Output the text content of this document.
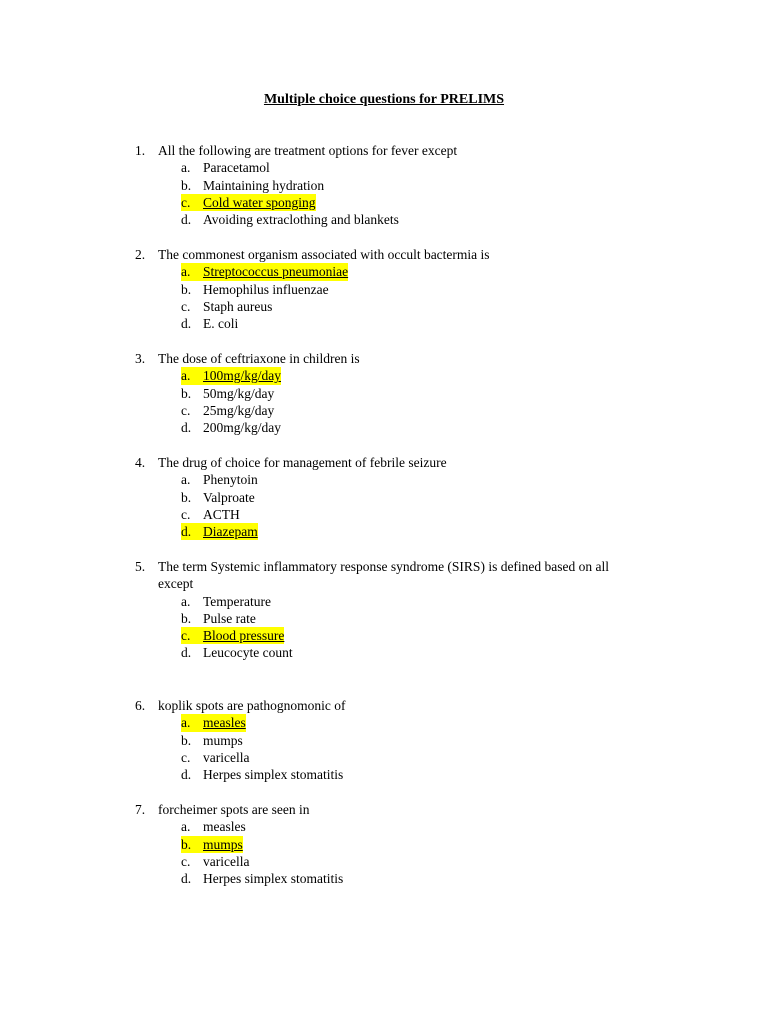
Multiple choice questions for PRELIMS
1. All the following are treatment options for fever except
a. Paracetamol
b. Maintaining hydration
c. Cold water sponging
d. Avoiding extraclothing and blankets
2. The commonest organism associated with occult bactermia is
a. Streptococcus pneumoniae
b. Hemophilus influenzae
c. Staph aureus
d. E. coli
3. The dose of ceftriaxone in children is
a. 100mg/kg/day
b. 50mg/kg/day
c. 25mg/kg/day
d. 200mg/kg/day
4. The drug of choice for management of febrile seizure
a. Phenytoin
b. Valproate
c. ACTH
d. Diazepam
5. The term Systemic inflammatory response syndrome (SIRS) is defined based on all
except
a. Temperature
b. Pulse rate
c. Blood pressure
d. Leucocyte count
6. koplik spots are pathognomonic of
a. measles
b. mumps
c. varicella
d. Herpes simplex stomatitis
7. forcheimer spots are seen in
a. measles
b. mumps
c. varicella
d. Herpes simplex stomatitis
